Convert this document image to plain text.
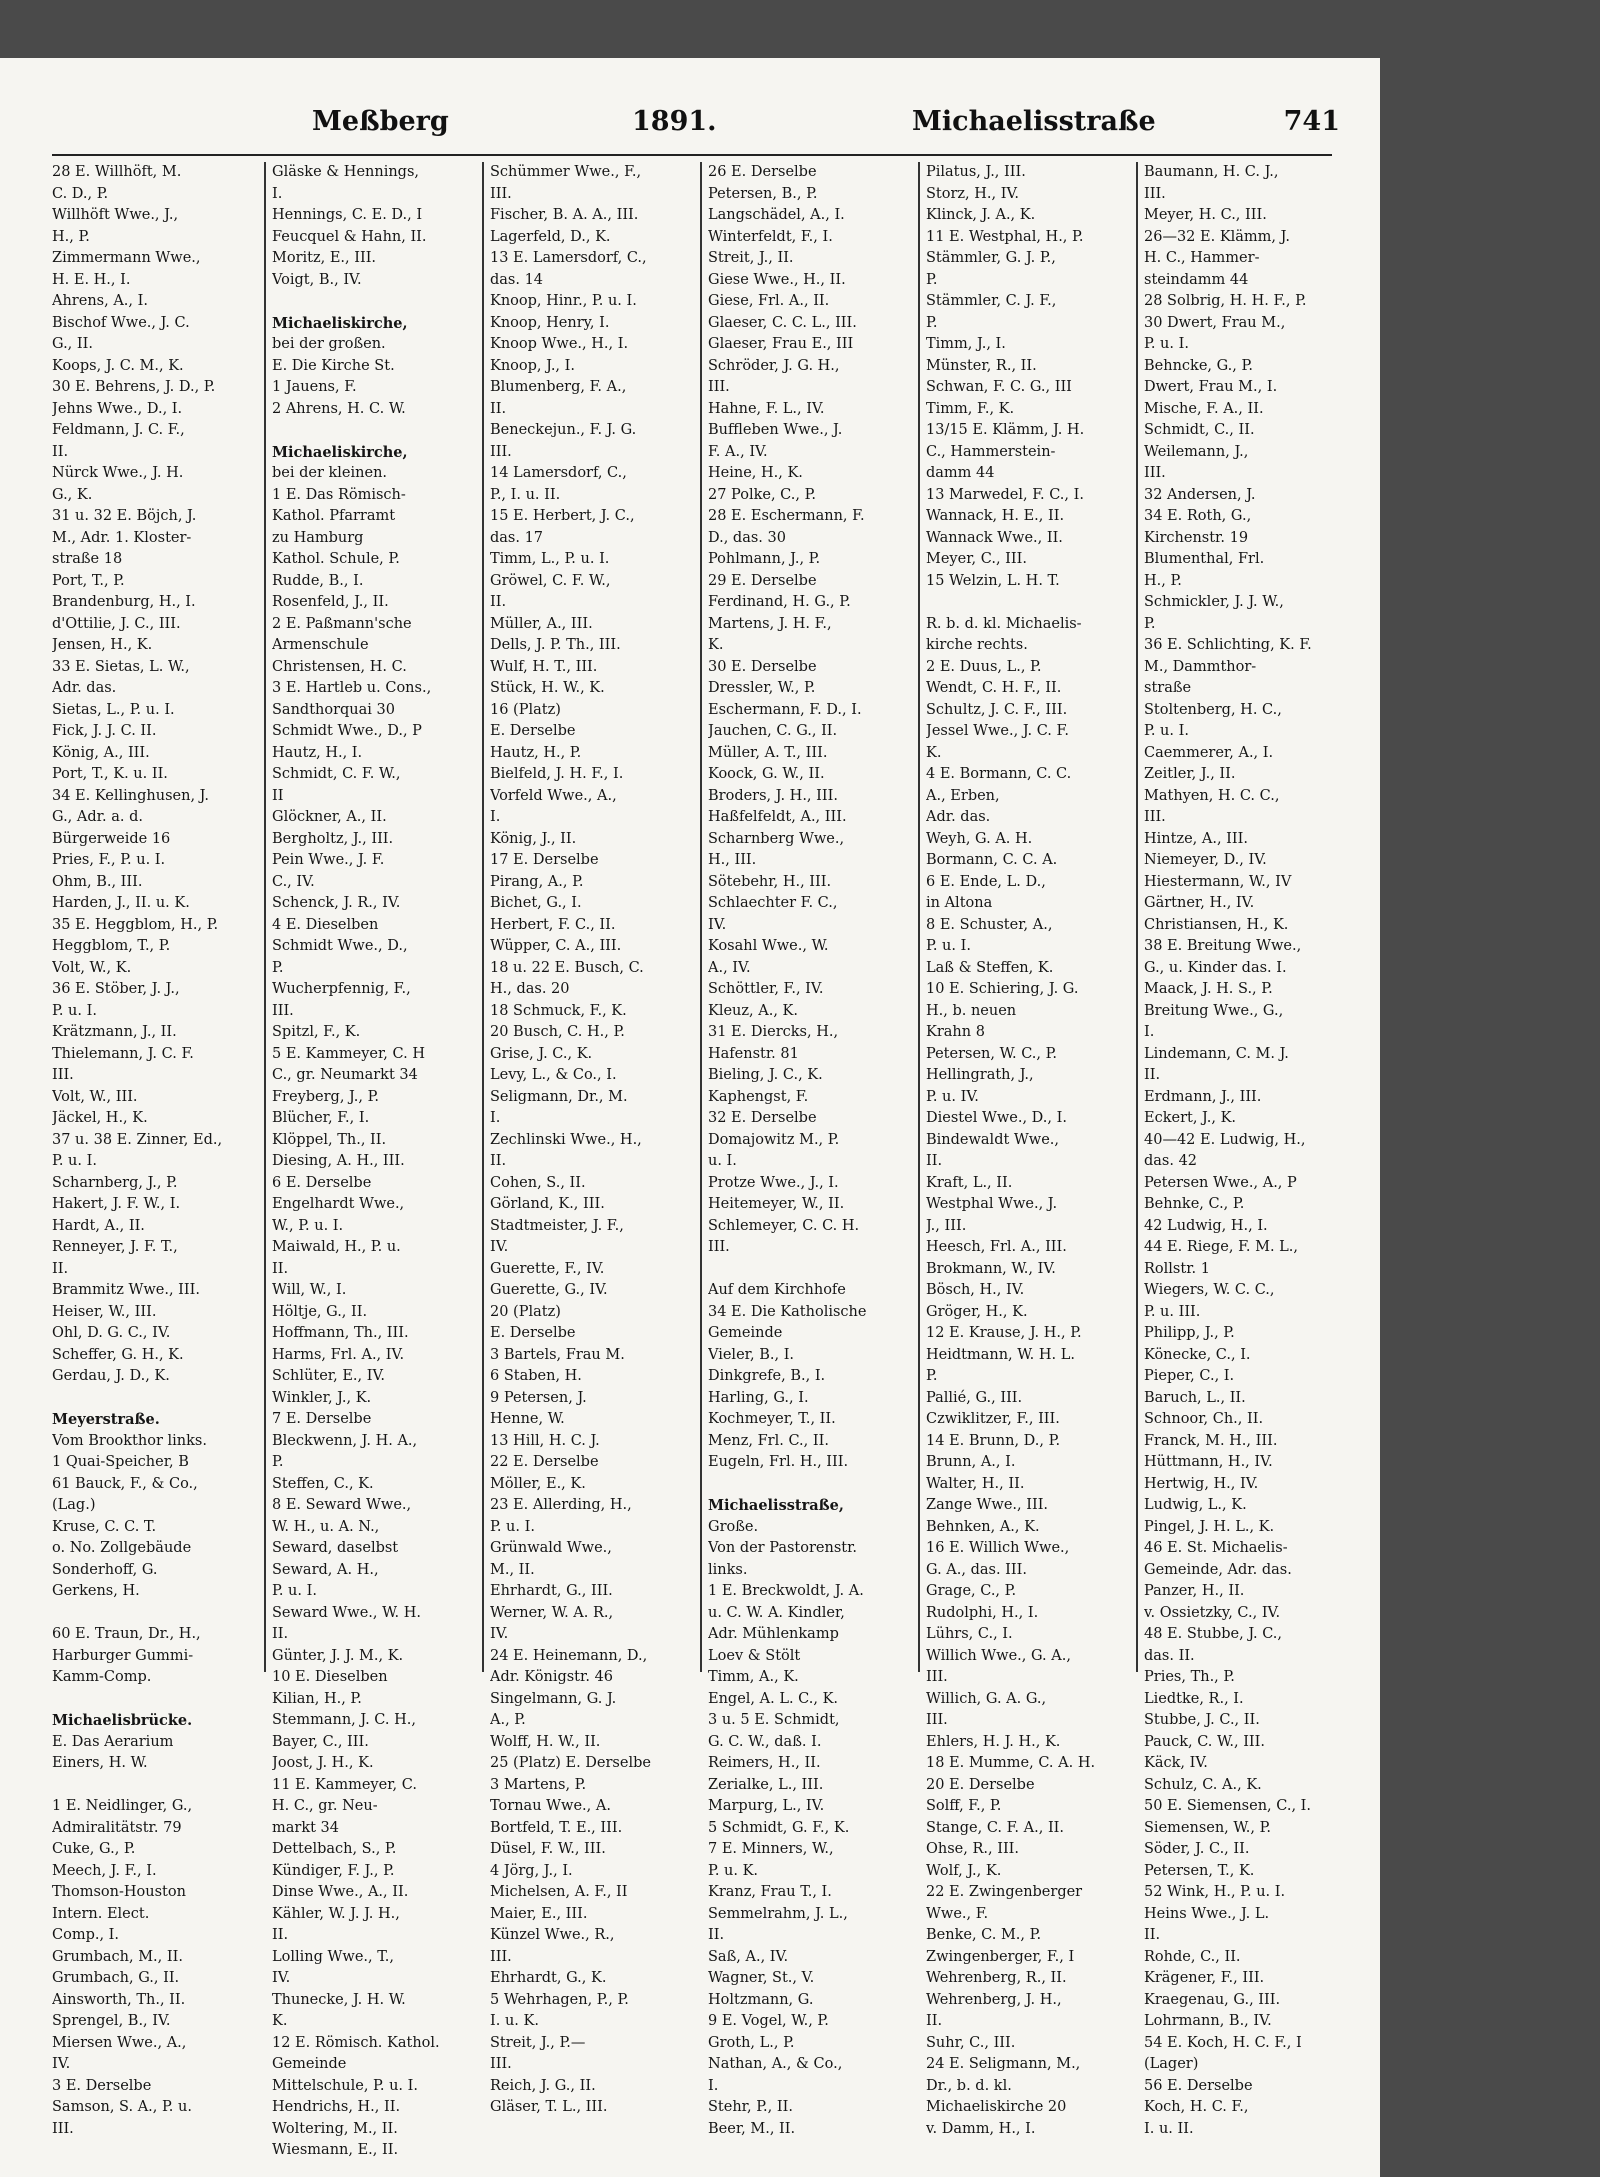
Meßberg	1891.	Michaelisstraße	741

28 E. Willhöft, M.

C. D., P.

Willhöft Wwe., J.,

H., P.

Zimmermann Wwe.,

H. E. H., I.

Ahrens, A., I.

Bischof Wwe., J. C.

G., II.

Koops, J. C. M., K.

30 E. Behrens, J. D., P.

Jehns Wwe., D., I.

Feldmann, J. C. F.,

II.

Nürck Wwe., J. H.

G., K.

31 u. 32 E. Böjch, J.

M., Adr. 1. Kloster-

straße 18

Port, T., P.

Brandenburg, H., I.

d'Ottilie, J. C., III.

Jensen, H., K.

33 E. Sietas, L. W.,

Adr. das.

Sietas, L., P. u. I.

Fick, J. J. C. II.

König, A., III.

Port, T., K. u. II.

34 E. Kellinghusen, J.

G., Adr. a. d.

Bürgerweide 16

Pries, F., P. u. I.

Ohm, B., III.

Harden, J., II. u. K.

35 E. Heggblom, H., P.

Heggblom, T., P.

Volt, W., K.

36 E. Stöber, J. J.,

P. u. I.

Krätzmann, J., II.

Thielemann, J. C. F.

III.

Volt, W., III.

Jäckel, H., K.

37 u. 38 E. Zinner, Ed.,

P. u. I.

Scharnberg, J., P.

Hakert, J. F. W., I.

Hardt, A., II.

Renneyer, J. F. T.,

II.

Brammitz Wwe., III.

Heiser, W., III.

Ohl, D. G. C., IV.

Scheffer, G. H., K.

Gerdau, J. D., K.

Meyerstraße.

Vom Brookthor links.

1 Quai-Speicher, B

61 Bauck, F., & Co.,

(Lag.)

Kruse, C. C. T.

o. No. Zollgebäude

Sonderhoff, G.

Gerkens, H.

60 E. Traun, Dr., H.,

Harburger Gummi-

Kamm-Comp.

Michaelisbrücke.

E. Das Aerarium

Einers, H. W.

1 E. Neidlinger, G.,

Admiralitätstr. 79

Cuke, G., P.

Meech, J. F., I.

Thomson-Houston

Intern. Elect.

Comp., I.

Grumbach, M., II.

Grumbach, G., II.

Ainsworth, Th., II.

Sprengel, B., IV.

Miersen Wwe., A.,

IV.

3 E. Derselbe

Samson, S. A., P. u.

III.

Gläske & Hennings,

I.

Hennings, C. E. D., I

Feucquel & Hahn, II.

Moritz, E., III.

Voigt, B., IV.

Michaeliskirche,

bei der großen.

E. Die Kirche St.

1 Jauens, F.

2 Ahrens, H. C. W.

Michaeliskirche,

bei der kleinen.

1 E. Das Römisch-

Kathol. Pfarramt

zu Hamburg

Kathol. Schule, P.

Rudde, B., I.

Rosenfeld, J., II.

2 E. Paßmann'sche

Armenschule

Christensen, H. C.

3 E. Hartleb u. Cons.,

Sandthorquai 30

Schmidt Wwe., D., P

Hautz, H., I.

Schmidt, C. F. W.,

II

Glöckner, A., II.

Bergholtz, J., III.

Pein Wwe., J. F.

C., IV.

Schenck, J. R., IV.

4 E. Dieselben

Schmidt Wwe., D.,

P.

Wucherpfennig, F.,

III.

Spitzl, F., K.

5 E. Kammeyer, C. H

C., gr. Neumarkt 34

Freyberg, J., P.

Blücher, F., I.

Klöppel, Th., II.

Diesing, A. H., III.

6 E. Derselbe

Engelhardt Wwe.,

W., P. u. I.

Maiwald, H., P. u.

II.

Will, W., I.

Höltje, G., II.

Hoffmann, Th., III.

Harms, Frl. A., IV.

Schlüter, E., IV.

Winkler, J., K.

7 E. Derselbe

Bleckwenn, J. H. A.,

P.

Steffen, C., K.

8 E. Seward Wwe.,

W. H., u. A. N.,

Seward, daselbst

Seward, A. H.,

P. u. I.

Seward Wwe., W. H.

II.

Günter, J. J. M., K.

10 E. Dieselben

Kilian, H., P.

Stemmann, J. C. H.,

Bayer, C., III.

Joost, J. H., K.

11 E. Kammeyer, C.

H. C., gr. Neu-

markt 34

Dettelbach, S., P.

Kündiger, F. J., P.

Dinse Wwe., A., II.

Kähler, W. J. J. H.,

II.

Lolling Wwe., T.,

IV.

Thunecke, J. H. W.

K.

12 E. Römisch. Kathol.

Gemeinde

Mittelschule, P. u. I.

Hendrichs, H., II.

Woltering, M., II.

Wiesmann, E., II.

Schümmer Wwe., F.,

III.

Fischer, B. A. A., III.

Lagerfeld, D., K.

13 E. Lamersdorf, C.,

das. 14

Knoop, Hinr., P. u. I.

Knoop, Henry, I.

Knoop Wwe., H., I.

Knoop, J., I.

Blumenberg, F. A.,

II.

Beneckejun., F. J. G.

III.

14 Lamersdorf, C.,

P., I. u. II.

15 E. Herbert, J. C.,

das. 17

Timm, L., P. u. I.

Gröwel, C. F. W.,

II.

Müller, A., III.

Dells, J. P. Th., III.

Wulf, H. T., III.

Stück, H. W., K.

16 (Platz)

E. Derselbe

Hautz, H., P.

Bielfeld, J. H. F., I.

Vorfeld Wwe., A.,

I.

König, J., II.

17 E. Derselbe

Pirang, A., P.

Bichet, G., I.

Herbert, F. C., II.

Wüpper, C. A., III.

18 u. 22 E. Busch, C.

H., das. 20

18 Schmuck, F., K.

20 Busch, C. H., P.

Grise, J. C., K.

Levy, L., & Co., I.

Seligmann, Dr., M.

I.

Zechlinski Wwe., H.,

II.

Cohen, S., II.

Görland, K., III.

Stadtmeister, J. F.,

IV.

Guerette, F., IV.

Guerette, G., IV.

20 (Platz)

E. Derselbe

3 Bartels, Frau M.

6 Staben, H.

9 Petersen, J.

Henne, W.

13 Hill, H. C. J.

22 E. Derselbe

Möller, E., K.

23 E. Allerding, H.,

P. u. I.

Grünwald Wwe.,

M., II.

Ehrhardt, G., III.

Werner, W. A. R.,

IV.

24 E. Heinemann, D.,

Adr. Königstr. 46

Singelmann, G. J.

A., P.

Wolff, H. W., II.

25 (Platz) E. Derselbe

3 Martens, P.

Tornau Wwe., A.

Bortfeld, T. E., III.

Düsel, F. W., III.

4 Jörg, J., I.

Michelsen, A. F., II

Maier, E., III.

Künzel Wwe., R.,

III.

Ehrhardt, G., K.

5 Wehrhagen, P., P.

I. u. K.

Streit, J., P.—

III.

Reich, J. G., II.

Gläser, T. L., III.

26 E. Derselbe

Petersen, B., P.

Langschädel, A., I.

Winterfeldt, F., I.

Streit, J., II.

Giese Wwe., H., II.

Giese, Frl. A., II.

Glaeser, C. C. L., III.

Glaeser, Frau E., III

Schröder, J. G. H.,

III.

Hahne, F. L., IV.

Buffleben Wwe., J.

F. A., IV.

Heine, H., K.

27 Polke, C., P.

28 E. Eschermann, F.

D., das. 30

Pohlmann, J., P.

29 E. Derselbe

Ferdinand, H. G., P.

Martens, J. H. F.,

K.

30 E. Derselbe

Dressler, W., P.

Eschermann, F. D., I.

Jauchen, C. G., II.

Müller, A. T., III.

Koock, G. W., II.

Broders, J. H., III.

Haßfelfeldt, A., III.

Scharnberg Wwe.,

H., III.

Sötebehr, H., III.

Schlaechter F. C.,

IV.

Kosahl Wwe., W.

A., IV.

Schöttler, F., IV.

Kleuz, A., K.

31 E. Diercks, H.,

Hafenstr. 81

Bieling, J. C., K.

Kaphengst, F.

32 E. Derselbe

Domajowitz M., P.

u. I.

Protze Wwe., J., I.

Heitemeyer, W., II.

Schlemeyer, C. C. H.

III.

Auf dem Kirchhofe

34 E. Die Katholische

Gemeinde

Vieler, B., I.

Dinkgrefe, B., I.

Harling, G., I.

Kochmeyer, T., II.

Menz, Frl. C., II.

Eugeln, Frl. H., III.

Michaelisstraße,

Große.

Von der Pastorenstr.

links.

1 E. Breckwoldt, J. A.

u. C. W. A. Kindler,

Adr. Mühlenkamp

Loev & Stölt

Timm, A., K.

Engel, A. L. C., K.

3 u. 5 E. Schmidt,

G. C. W., daß. I.

Reimers, H., II.

Zerialke, L., III.

Marpurg, L., IV.

5 Schmidt, G. F., K.

7 E. Minners, W.,

P. u. K.

Kranz, Frau T., I.

Semmelrahm, J. L.,

II.

Saß, A., IV.

Wagner, St., V.

Holtzmann, G.

9 E. Vogel, W., P.

Groth, L., P.

Nathan, A., & Co.,

I.

Stehr, P., II.

Beer, M., II.

Pilatus, J., III.

Storz, H., IV.

Klinck, J. A., K.

11 E. Westphal, H., P.

Stämmler, G. J. P.,

P.

Stämmler, C. J. F.,

P.

Timm, J., I.

Münster, R., II.

Schwan, F. C. G., III

Timm, F., K.

13/15 E. Klämm, J. H.

C., Hammerstein-

damm 44

13 Marwedel, F. C., I.

Wannack, H. E., II.

Wannack Wwe., II.

Meyer, C., III.

15 Welzin, L. H. T.

R. b. d. kl. Michaelis-

kirche rechts.

2 E. Duus, L., P.

Wendt, C. H. F., II.

Schultz, J. C. F., III.

Jessel Wwe., J. C. F.

K.

4 E. Bormann, C. C.

A., Erben,

Adr. das.

Weyh, G. A. H.

Bormann, C. C. A.

6 E. Ende, L. D.,

in Altona

8 E. Schuster, A.,

P. u. I.

Laß & Steffen, K.

10 E. Schiering, J. G.

H., b. neuen

Krahn 8

Petersen, W. C., P.

Hellingrath, J.,

P. u. IV.

Diestel Wwe., D., I.

Bindewaldt Wwe.,

II.

Kraft, L., II.

Westphal Wwe., J.

J., III.

Heesch, Frl. A., III.

Brokmann, W., IV.

Bösch, H., IV.

Gröger, H., K.

12 E. Krause, J. H., P.

Heidtmann, W. H. L.

P.

Pallié, G., III.

Czwiklitzer, F., III.

14 E. Brunn, D., P.

Brunn, A., I.

Walter, H., II.

Zange Wwe., III.

Behnken, A., K.

16 E. Willich Wwe.,

G. A., das. III.

Grage, C., P.

Rudolphi, H., I.

Lührs, C., I.

Willich Wwe., G. A.,

III.

Willich, G. A. G.,

III.

Ehlers, H. J. H., K.

18 E. Mumme, C. A. H.

20 E. Derselbe

Solff, F., P.

Stange, C. F. A., II.

Ohse, R., III.

Wolf, J., K.

22 E. Zwingenberger

Wwe., F.

Benke, C. M., P.

Zwingenberger, F., I

Wehrenberg, R., II.

Wehrenberg, J. H.,

II.

Suhr, C., III.

24 E. Seligmann, M.,

Dr., b. d. kl.

Michaeliskirche 20

v. Damm, H., I.

Baumann, H. C. J.,

III.

Meyer, H. C., III.

26—32 E. Klämm, J.

H. C., Hammer-

steindamm 44

28 Solbrig, H. H. F., P.

30 Dwert, Frau M.,

P. u. I.

Behncke, G., P.

Dwert, Frau M., I.

Mische, F. A., II.

Schmidt, C., II.

Weilemann, J.,

III.

32 Andersen, J.

34 E. Roth, G.,

Kirchenstr. 19

Blumenthal, Frl.

H., P.

Schmickler, J. J. W.,

P.

36 E. Schlichting, K. F.

M., Dammthor-

straße

Stoltenberg, H. C.,

P. u. I.

Caemmerer, A., I.

Zeitler, J., II.

Mathyen, H. C. C.,

III.

Hintze, A., III.

Niemeyer, D., IV.

Hiestermann, W., IV

Gärtner, H., IV.

Christiansen, H., K.

38 E. Breitung Wwe.,

G., u. Kinder das. I.

Maack, J. H. S., P.

Breitung Wwe., G.,

I.

Lindemann, C. M. J.

II.

Erdmann, J., III.

Eckert, J., K.

40—42 E. Ludwig, H.,

das. 42

Petersen Wwe., A., P

Behnke, C., P.

42 Ludwig, H., I.

44 E. Riege, F. M. L.,

Rollstr. 1

Wiegers, W. C. C.,

P. u. III.

Philipp, J., P.

Könecke, C., I.

Pieper, C., I.

Baruch, L., II.

Schnoor, Ch., II.

Franck, M. H., III.

Hüttmann, H., IV.

Hertwig, H., IV.

Ludwig, L., K.

Pingel, J. H. L., K.

46 E. St. Michaelis-

Gemeinde, Adr. das.

Panzer, H., II.

v. Ossietzky, C., IV.

48 E. Stubbe, J. C.,

das. II.

Pries, Th., P.

Liedtke, R., I.

Stubbe, J. C., II.

Pauck, C. W., III.

Käck, IV.

Schulz, C. A., K.

50 E. Siemensen, C., I.

Siemensen, W., P.

Söder, J. C., II.

Petersen, T., K.

52 Wink, H., P. u. I.

Heins Wwe., J. L.

II.

Rohde, C., II.

Krägener, F., III.

Kraegenau, G., III.

Lohrmann, B., IV.

54 E. Koch, H. C. F., I

(Lager)

56 E. Derselbe

Koch, H. C. F.,

I. u. II.
